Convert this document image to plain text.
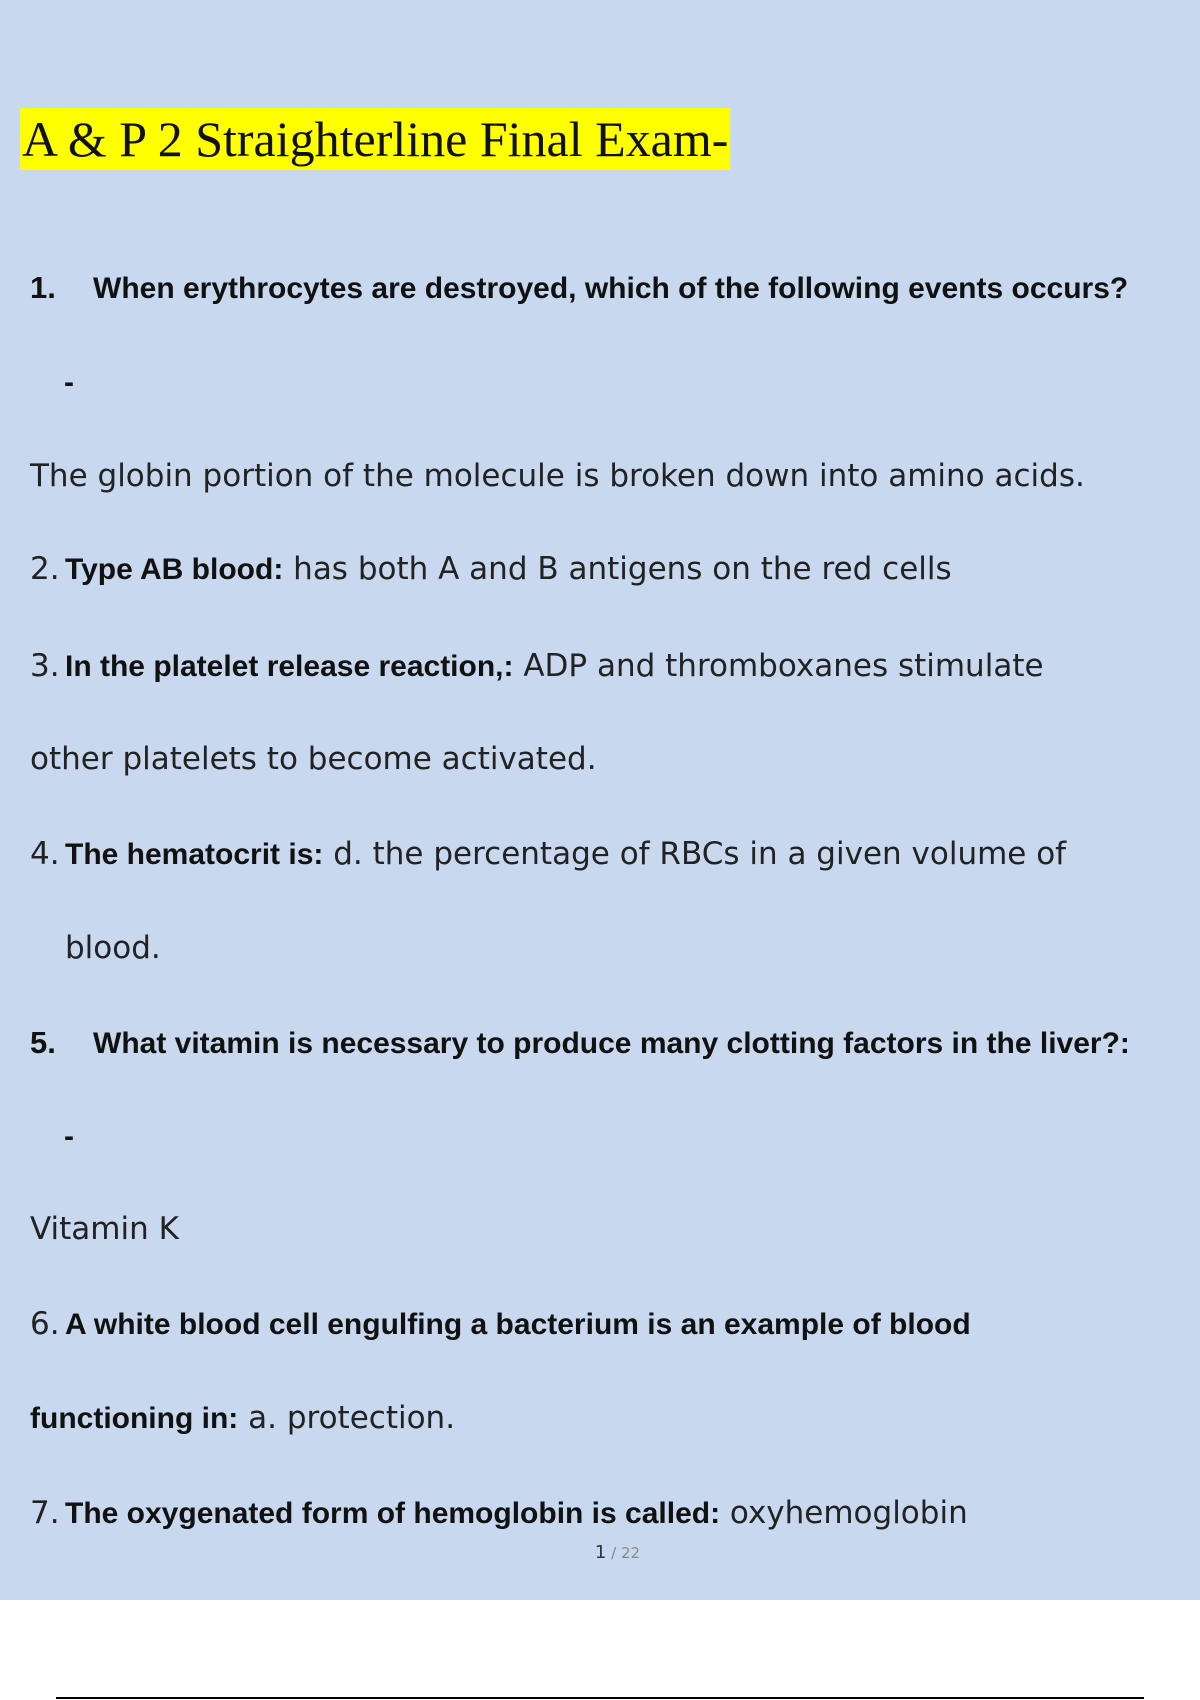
A & P 2 Straighterline Final Exam-
1. When erythrocytes are destroyed, which of the following events occurs?
-
The globin portion of the molecule is broken down into amino acids.
2. Type AB blood: has both A and B antigens on the red cells
3. In the platelet release reaction,: ADP and thromboxanes stimulate
other platelets to become activated.
4. The hematocrit is: d. the percentage of RBCs in a given volume of
blood.
5. What vitamin is necessary to produce many clotting factors in the liver?:
-
Vitamin K
6. A white blood cell engulfing a bacterium is an example of blood
functioning in: a. protection.
7. The oxygenated form of hemoglobin is called: oxyhemoglobin
1 / 22
